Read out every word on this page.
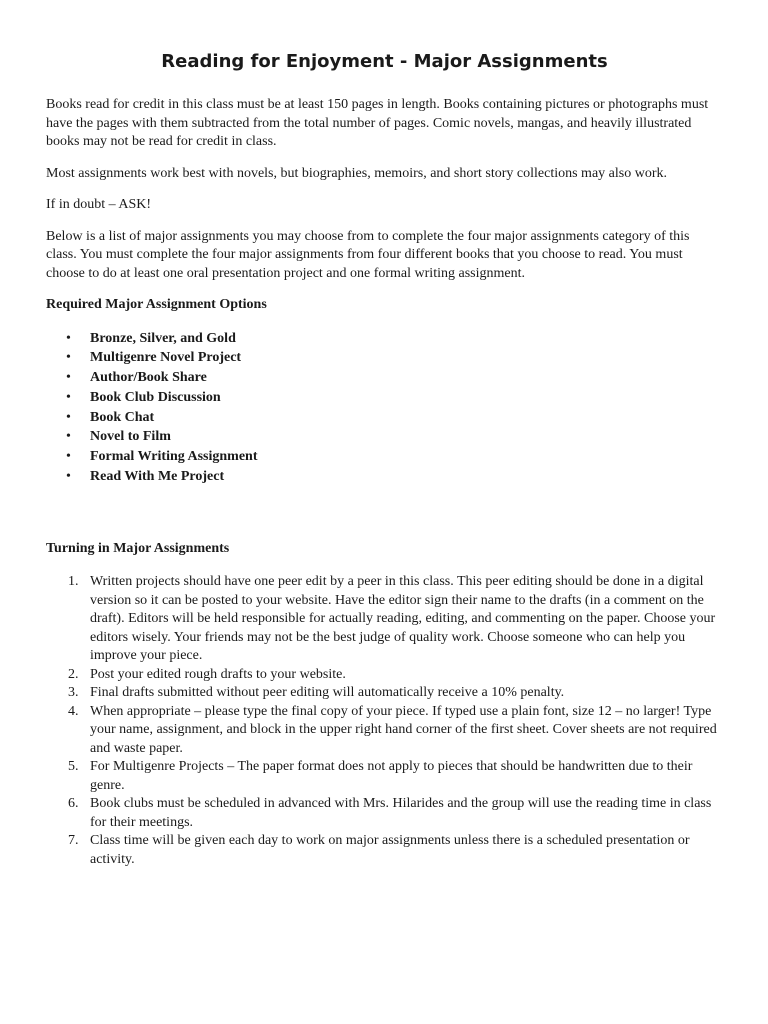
Reading for Enjoyment - Major Assignments

Books read for credit in this class must be at least 150 pages in length. Books containing pictures or photographs must have the pages with them subtracted from the total number of pages. Comic novels, mangas, and heavily illustrated books may not be read for credit in class.

Most assignments work best with novels, but biographies, memoirs, and short story collections may also work.

If in doubt – ASK!

Below is a list of major assignments you may choose from to complete the four major assignments category of this class. You must complete the four major assignments from four different books that you choose to read. You must choose to do at least one oral presentation project and one formal writing assignment.

Required Major Assignment Options
• Bronze, Silver, and Gold
• Multigenre Novel Project
• Author/Book Share
• Book Club Discussion
• Book Chat
• Novel to Film
• Formal Writing Assignment
• Read With Me Project
Turning in Major Assignments
1. Written projects should have one peer edit by a peer in this class. This peer editing should be done in a digital version so it can be posted to your website. Have the editor sign their name to the drafts (in a comment on the draft). Editors will be held responsible for actually reading, editing, and commenting on the paper. Choose your editors wisely. Your friends may not be the best judge of quality work. Choose someone who can help you improve your piece.
2. Post your edited rough drafts to your website.
3. Final drafts submitted without peer editing will automatically receive a 10% penalty.
4. When appropriate – please type the final copy of your piece. If typed use a plain font, size 12 – no larger! Type your name, assignment, and block in the upper right hand corner of the first sheet. Cover sheets are not required and waste paper.
5. For Multigenre Projects – The paper format does not apply to pieces that should be handwritten due to their genre.
6. Book clubs must be scheduled in advanced with Mrs. Hilarides and the group will use the reading time in class for their meetings.
7. Class time will be given each day to work on major assignments unless there is a scheduled presentation or activity.
